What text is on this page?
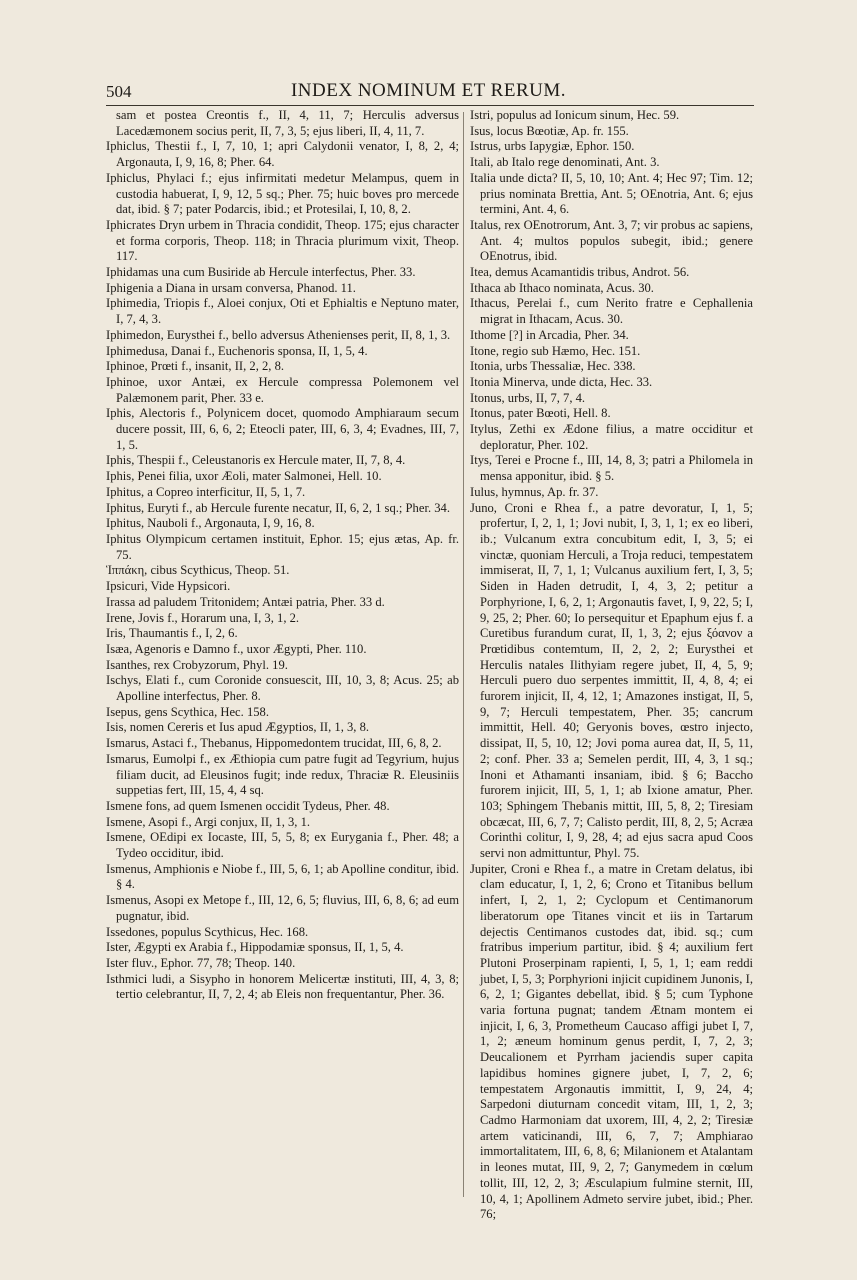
504	INDEX NOMINUM ET RERUM.

sam et postea Creontis f., II, 4, 11, 7; Herculis adversus Lacedæmonem socius perit, II, 7, 3, 5; ejus liberi, II, 4, 11, 7.

Iphiclus, Thestii f., I, 7, 10, 1; apri Calydonii venator, I, 8, 2, 4; Argonauta, I, 9, 16, 8; Pher. 64.

Iphiclus, Phylaci f.; ejus infirmitati medetur Melampus, quem in custodia habuerat, I, 9, 12, 5 sq.; Pher. 75; huic boves pro mercede dat, ibid. § 7; pater Podarcis, ibid.; et Protesilai, I, 10, 8, 2.

Iphicrates Dryn urbem in Thracia condidit, Theop. 175; ejus character et forma corporis, Theop. 118; in Thracia plurimum vixit, Theop. 117.

Iphidamas una cum Busiride ab Hercule interfectus, Pher. 33.

Iphigenia a Diana in ursam conversa, Phanod. 11.

Iphimedia, Triopis f., Aloei conjux, Oti et Ephialtis e Neptuno mater, I, 7, 4, 3.

Iphimedon, Eurysthei f., bello adversus Athenienses perit, II, 8, 1, 3.

Iphimedusa, Danai f., Euchenoris sponsa, II, 1, 5, 4.

Iphinoe, Prœti f., insanit, II, 2, 2, 8.

Iphinoe, uxor Antæi, ex Hercule compressa Polemonem vel Palæmonem parit, Pher. 33 e.

Iphis, Alectoris f., Polynicem docet, quomodo Amphiaraum secum ducere possit, III, 6, 6, 2; Eteocli pater, III, 6, 3, 4; Evadnes, III, 7, 1, 5.

Iphis, Thespii f., Celeustanoris ex Hercule mater, II, 7, 8, 4.

Iphis, Penei filia, uxor Æoli, mater Salmonei, Hell. 10.

Iphitus, a Copreo interficitur, II, 5, 1, 7.

Iphitus, Euryti f., ab Hercule furente necatur, II, 6, 2, 1 sq.; Pher. 34.

Iphitus, Nauboli f., Argonauta, I, 9, 16, 8.

Iphitus Olympicum certamen instituit, Ephor. 15; ejus ætas, Ap. fr. 75.

Ἱππάκη, cibus Scythicus, Theop. 51.

Ipsicuri, Vide Hypsicori.

Irassa ad paludem Tritonidem; Antæi patria, Pher. 33 d.

Irene, Jovis f., Horarum una, I, 3, 1, 2.

Iris, Thaumantis f., I, 2, 6.

Isæa, Agenoris e Damno f., uxor Ægypti, Pher. 110.

Isanthes, rex Crobyzorum, Phyl. 19.

Ischys, Elati f., cum Coronide consuescit, III, 10, 3, 8; Acus. 25; ab Apolline interfectus, Pher. 8.

Isepus, gens Scythica, Hec. 158.

Isis, nomen Cereris et Ius apud Ægyptios, II, 1, 3, 8.

Ismarus, Astaci f., Thebanus, Hippomedontem trucidat, III, 6, 8, 2.

Ismarus, Eumolpi f., ex Æthiopia cum patre fugit ad Tegyrium, hujus filiam ducit, ad Eleusinos fugit; inde redux, Thraciæ R. Eleusiniis suppetias fert, III, 15, 4, 4 sq.

Ismene fons, ad quem Ismenen occidit Tydeus, Pher. 48.

Ismene, Asopi f., Argi conjux, II, 1, 3, 1.

Ismene, OEdipi ex Iocaste, III, 5, 5, 8; ex Eurygania f., Pher. 48; a Tydeo occiditur, ibid.

Ismenus, Amphionis e Niobe f., III, 5, 6, 1; ab Apolline conditur, ibid. § 4.

Ismenus, Asopi ex Metope f., III, 12, 6, 5; fluvius, III, 6, 8, 6; ad eum pugnatur, ibid.

Issedones, populus Scythicus, Hec. 168.

Ister, Ægypti ex Arabia f., Hippodamiæ sponsus, II, 1, 5, 4.

Ister fluv., Ephor. 77, 78; Theop. 140.

Isthmici ludi, a Sisypho in honorem Melicertæ instituti, III, 4, 3, 8; tertio celebrantur, II, 7, 2, 4; ab Eleis non frequentantur, Pher. 36.

Istri, populus ad Ionicum sinum, Hec. 59.

Isus, locus Bœotiæ, Ap. fr. 155.

Istrus, urbs Iapygiæ, Ephor. 150.

Itali, ab Italo rege denominati, Ant. 3.

Italia unde dicta? II, 5, 10, 10; Ant. 4; Hec 97; Tim. 12; prius nominata Brettia, Ant. 5; OEnotria, Ant. 6; ejus termini, Ant. 4, 6.

Italus, rex OEnotrorum, Ant. 3, 7; vir probus ac sapiens, Ant. 4; multos populos subegit, ibid.; genere OEnotrus, ibid.

Itea, demus Acamantidis tribus, Androt. 56.

Ithaca ab Ithaco nominata, Acus. 30.

Ithacus, Perelai f., cum Nerito fratre e Cephallenia migrat in Ithacam, Acus. 30.

Ithome [?] in Arcadia, Pher. 34.

Itone, regio sub Hæmo, Hec. 151.

Itonia, urbs Thessaliæ, Hec. 338.

Itonia Minerva, unde dicta, Hec. 33.

Itonus, urbs, II, 7, 7, 4.

Itonus, pater Bœoti, Hell. 8.

Itylus, Zethi ex Ædone filius, a matre occiditur et deploratur, Pher. 102.

Itys, Terei e Procne f., III, 14, 8, 3; patri a Philomela in mensa apponitur, ibid. § 5.

Iulus, hymnus, Ap. fr. 37.

Juno, Croni e Rhea f., a patre devoratur, I, 1, 5; profertur, I, 2, 1, 1; Jovi nubit, I, 3, 1, 1; ex eo liberi, ib.; Vulcanum extra concubitum edit, I, 3, 5; ei vinctæ, quoniam Herculi, a Troja reduci, tempestatem immiserat, II, 7, 1, 1; Vulcanus auxilium fert, I, 3, 5; Siden in Haden detrudit, I, 4, 3, 2; petitur a Porphyrione, I, 6, 2, 1; Argonautis favet, I, 9, 22, 5; I, 9, 25, 2; Pher. 60; Io persequitur et Epaphum ejus f. a Curetibus furandum curat, II, 1, 3, 2; ejus ξόανον a Prœtidibus contemtum, II, 2, 2, 2; Eurysthei et Herculis natales Ilithyiam regere jubet, II, 4, 5, 9; Herculi puero duo serpentes immittit, II, 4, 8, 4; ei furorem injicit, II, 4, 12, 1; Amazones instigat, II, 5, 9, 7; Herculi tempestatem, Pher. 35; cancrum immittit, Hell. 40; Geryonis boves, œstro injecto, dissipat, II, 5, 10, 12; Jovi poma aurea dat, II, 5, 11, 2; conf. Pher. 33 a; Semelen perdit, III, 4, 3, 1 sq.; Inoni et Athamanti insaniam, ibid. § 6; Baccho furorem injicit, III, 5, 1, 1; ab Ixione amatur, Pher. 103; Sphingem Thebanis mittit, III, 5, 8, 2; Tiresiam obcæcat, III, 6, 7, 7; Calisto perdit, III, 8, 2, 5; Acræa Corinthi colitur, I, 9, 28, 4; ad ejus sacra apud Coos servi non admittuntur, Phyl. 75.

Jupiter, Croni e Rhea f., a matre in Cretam delatus, ibi clam educatur, I, 1, 2, 6; Crono et Titanibus bellum infert, I, 2, 1, 2; Cyclopum et Centimanorum liberatorum ope Titanes vincit et iis in Tartarum dejectis Centimanos custodes dat, ibid. sq.; cum fratribus imperium partitur, ibid. § 4; auxilium fert Plutoni Proserpinam rapienti, I, 5, 1, 1; eam reddi jubet, I, 5, 3; Porphyrioni injicit cupidinem Junonis, I, 6, 2, 1; Gigantes debellat, ibid. § 5; cum Typhone varia fortuna pugnat; tandem Ætnam montem ei injicit, I, 6, 3, Prometheum Caucaso affigi jubet I, 7, 1, 2; æneum hominum genus perdit, I, 7, 2, 3; Deucalionem et Pyrrham jaciendis super capita lapidibus homines gignere jubet, I, 7, 2, 6; tempestatem Argonautis immittit, I, 9, 24, 4; Sarpedoni diuturnam concedit vitam, III, 1, 2, 3; Cadmo Harmoniam dat uxorem, III, 4, 2, 2; Tiresiæ artem vaticinandi, III, 6, 7, 7; Amphiarao immortalitatem, III, 6, 8, 6; Milanionem et Atalantam in leones mutat, III, 9, 2, 7; Ganymedem in cœlum tollit, III, 12, 2, 3; Æsculapium fulmine sternit, III, 10, 4, 1; Apollinem Admeto servire jubet, ibid.; Pher. 76;
